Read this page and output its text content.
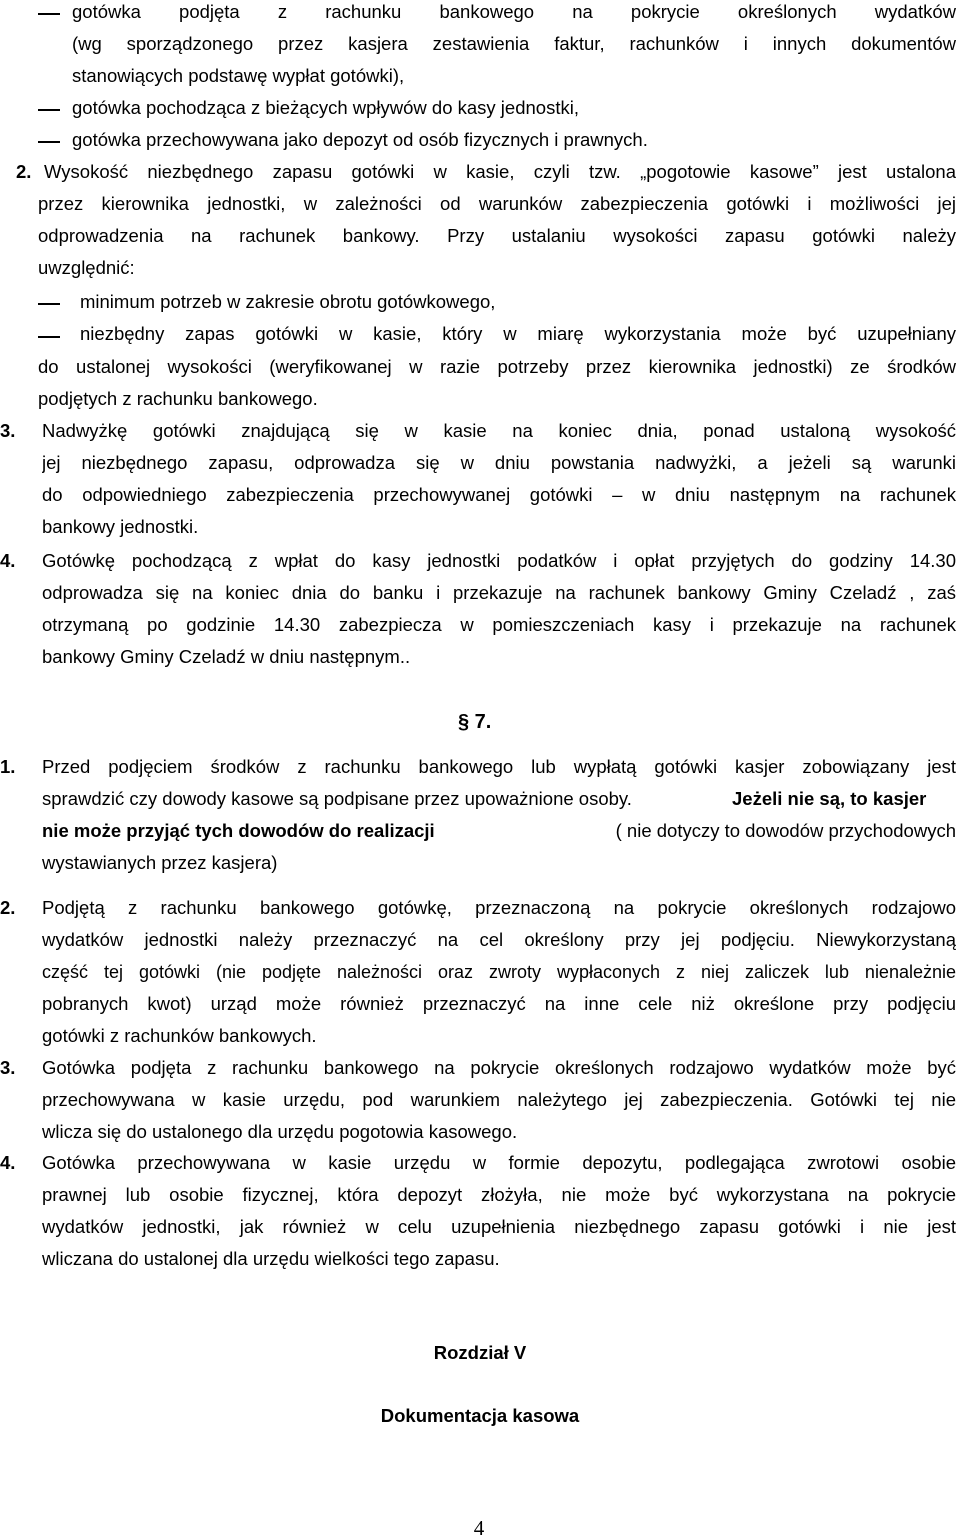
gotówka podjęta z rachunku bankowego na pokrycie określonych wydatków
(wg sporządzonego przez kasjera zestawienia faktur, rachunków i innych dokumentów
stanowiących podstawę wypłat gotówki),
gotówka pochodząca z bieżących wpływów do kasy jednostki,
gotówka przechowywana jako depozyt od osób fizycznych i prawnych.
2. Wysokość niezbędnego zapasu gotówki w kasie, czyli tzw. „pogotowie kasowe” jest ustalona
przez kierownika jednostki, w zależności od warunków zabezpieczenia gotówki i możliwości jej
odprowadzenia na rachunek bankowy. Przy ustalaniu wysokości zapasu gotówki należy
uwzględnić:
minimum potrzeb w zakresie obrotu gotówkowego,
niezbędny zapas gotówki w kasie, który w miarę wykorzystania może być uzupełniany
do ustalonej wysokości (weryfikowanej w razie potrzeby przez kierownika jednostki) ze środków
podjętych z rachunku bankowego.
3. Nadwyżkę gotówki znajdującą się w kasie na koniec dnia, ponad ustaloną wysokość
jej niezbędnego zapasu, odprowadza się w dniu powstania nadwyżki, a jeżeli są warunki
do odpowiedniego zabezpieczenia przechowywanej gotówki – w dniu następnym na rachunek
bankowy jednostki.
4. Gotówkę pochodzącą z wpłat do kasy jednostki podatków i opłat przyjętych do godziny 14.30
odprowadza się na koniec dnia do banku i przekazuje na rachunek bankowy Gminy Czeladź , zaś
otrzymaną po godzinie 14.30 zabezpiecza w pomieszczeniach kasy i przekazuje na rachunek
bankowy Gminy Czeladź w dniu następnym..
§ 7.
1. Przed podjęciem środków z rachunku bankowego lub wypłatą gotówki kasjer zobowiązany jest
sprawdzić czy dowody kasowe są podpisane przez upoważnione osoby.	Jeżeli nie są, to kasjer
nie może przyjąć tych dowodów do realizacji	( nie dotyczy to dowodów przychodowych
wystawianych przez kasjera)
2. Podjętą z rachunku bankowego gotówkę, przeznaczoną na pokrycie określonych rodzajowo
wydatków jednostki należy przeznaczyć na cel określony przy jej podjęciu. Niewykorzystaną
część tej gotówki (nie podjęte należności oraz zwroty wypłaconych z niej zaliczek lub nienależnie
pobranych kwot) urząd może również przeznaczyć na inne cele niż określone przy podjęciu
gotówki z rachunków bankowych.
3. Gotówka podjęta z rachunku bankowego na pokrycie określonych rodzajowo wydatków może być
przechowywana w kasie urzędu, pod warunkiem należytego jej zabezpieczenia. Gotówki tej nie
wlicza się do ustalonego dla urzędu pogotowia kasowego.
4. Gotówka przechowywana w kasie urzędu w formie depozytu, podlegająca zwrotowi osobie
prawnej lub osobie fizycznej, która depozyt złożyła, nie może być wykorzystana na pokrycie
wydatków jednostki, jak również w celu uzupełnienia niezbędnego zapasu gotówki i nie jest
wliczana do ustalonej dla urzędu wielkości tego zapasu.
Rozdział V
Dokumentacja kasowa
4
